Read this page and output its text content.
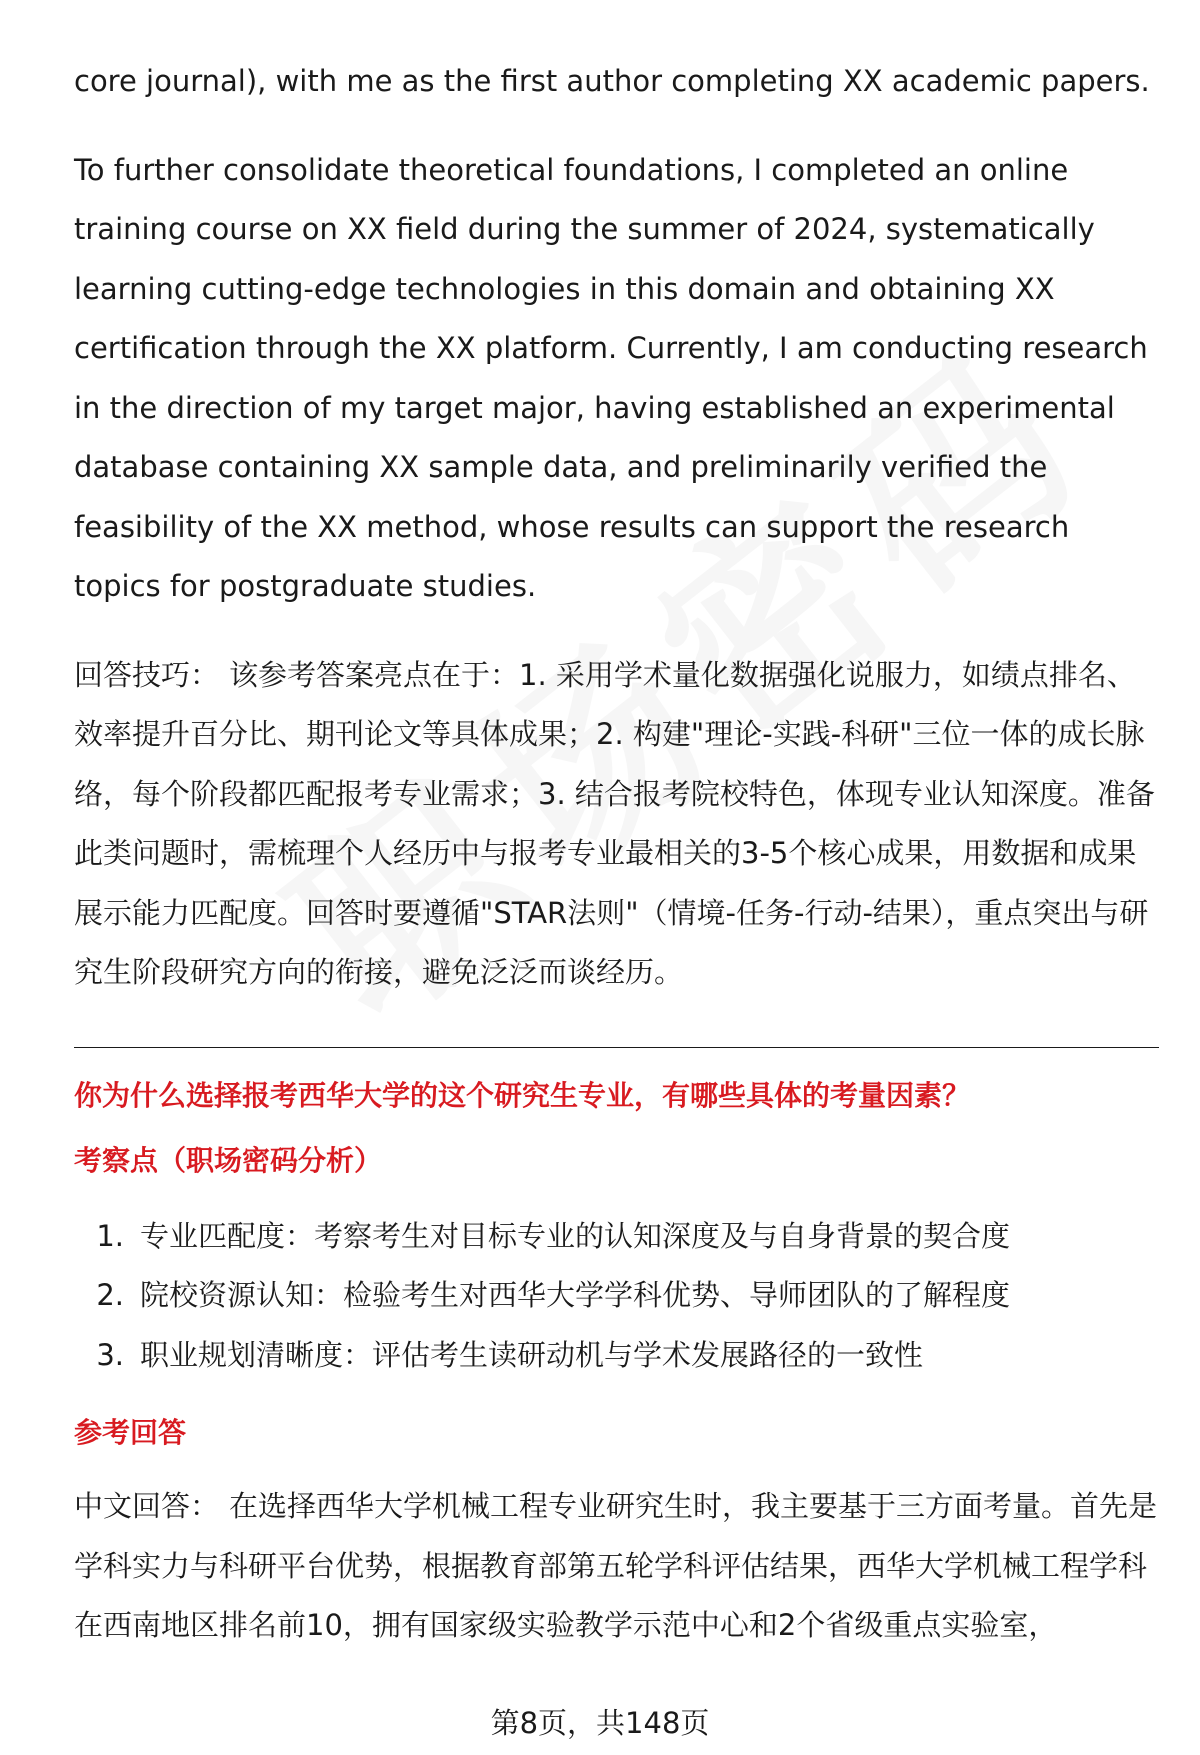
core journal), with me as the first author completing XX academic papers.

To further consolidate theoretical foundations, I completed an online training course on XX field during the summer of 2024, systematically learning cutting-edge technologies in this domain and obtaining XX certification through the XX platform. Currently, I am conducting research in the direction of my target major, having established an experimental database containing XX sample data, and preliminarily verified the feasibility of the XX method, whose results can support the research topics for postgraduate studies.

回答技巧： 该参考答案亮点在于：1. 采用学术量化数据强化说服力，如绩点排名、效率提升百分比、期刊论文等具体成果；2. 构建"理论-实践-科研"三位一体的成长脉络，每个阶段都匹配报考专业需求；3. 结合报考院校特色，体现专业认知深度。准备此类问题时，需梳理个人经历中与报考专业最相关的3-5个核心成果，用数据和成果展示能力匹配度。回答时要遵循"STAR法则"（情境-任务-行动-结果），重点突出与研究生阶段研究方向的衔接，避免泛泛而谈经历。

你为什么选择报考西华大学的这个研究生专业，有哪些具体的考量因素？

考察点（职场密码分析）

1. 专业匹配度：考察考生对目标专业的认知深度及与自身背景的契合度
2. 院校资源认知：检验考生对西华大学学科优势、导师团队的了解程度
3. 职业规划清晰度：评估考生读研动机与学术发展路径的一致性

参考回答

中文回答： 在选择西华大学机械工程专业研究生时，我主要基于三方面考量。首先是学科实力与科研平台优势，根据教育部第五轮学科评估结果，西华大学机械工程学科在西南地区排名前10，拥有国家级实验教学示范中心和2个省级重点实验室，

第8页，共148页
